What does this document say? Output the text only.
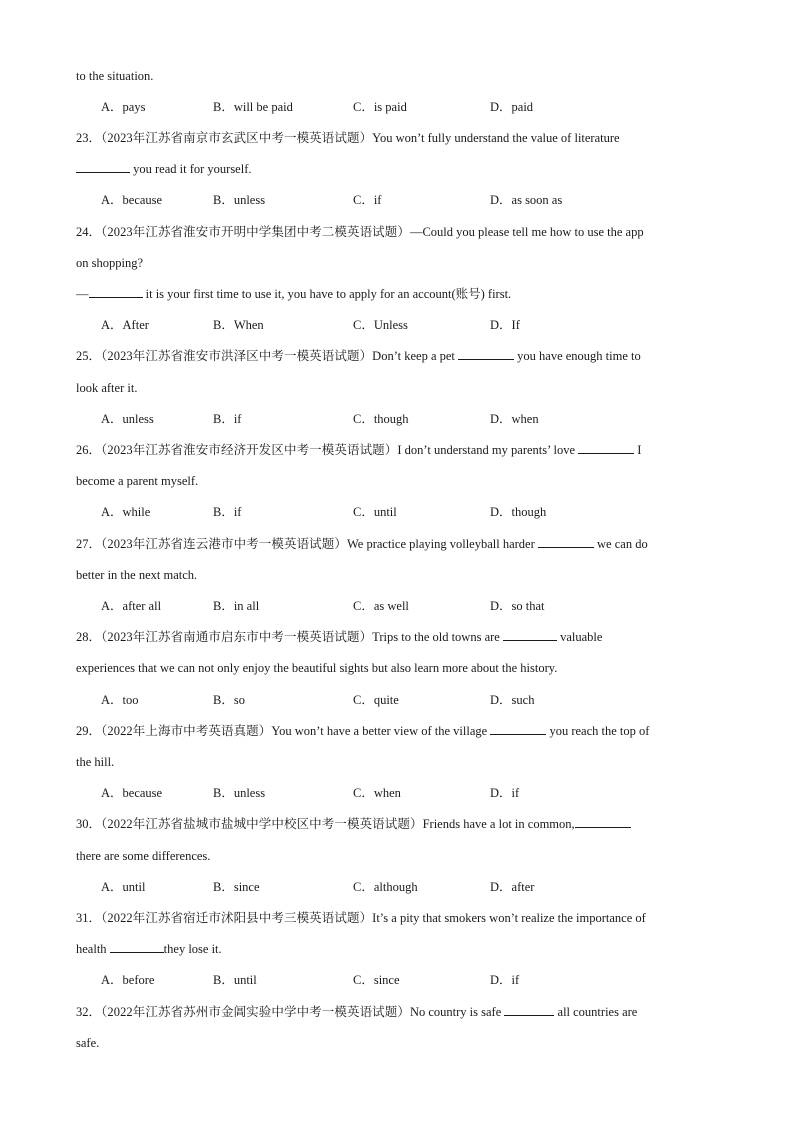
to the situation.
A．pays	B．will be paid	C．is paid	D．paid
23．（2023年江苏省南京市玄武区中考一模英语试题）You won’t fully understand the value of literature
you read it for yourself.
A．because	B．unless	C．if	D．as soon as
24．（2023年江苏省淮安市开明中学集团中考二模英语试题）—Could you please tell me how to use the app
on shopping?
—	it is your first time to use it, you have to apply for an account(账号) first.
A．After	B．When	C．Unless	D．If
25．（2023年江苏省淮安市洪泽区中考一模英语试题）Don’t keep a pet	you have enough time to
look after it.
A．unless	B．if	C．though	D．when
26．（2023年江苏省淮安市经济开发区中考一模英语试题）I don’t understand my parents’ love	I
become a parent myself.
A．while	B．if	C．until	D．though
27．（2023年江苏省连云港市中考一模英语试题）We practice playing volleyball harder	we can do
better in the next match.
A．after all	B．in all	C．as well	D．so that
28．（2023年江苏省南通市启东市中考一模英语试题）Trips to the old towns are	valuable
experiences that we can not only enjoy the beautiful sights but also learn more about the history.
A．too	B．so	C．quite	D．such
29．（2022年上海市中考英语真题）You won’t have a better view of the village	you reach the top of
the hill.
A．because	B．unless	C．when	D．if
30．（2022年江苏省盐城市盐城中学中校区中考一模英语试题）Friends have a lot in common,
there are some differences.
A．until	B．since	C．although	D．after
31．（2022年江苏省宿迁市沭阳县中考三模英语试题）It’s a pity that smokers won’t realize the importance of
health	they lose it.
A．before	B．until	C．since	D．if
32．（2022年江苏省苏州市金阊实验中学中考一模英语试题）No country is safe	all countries are
safe.
